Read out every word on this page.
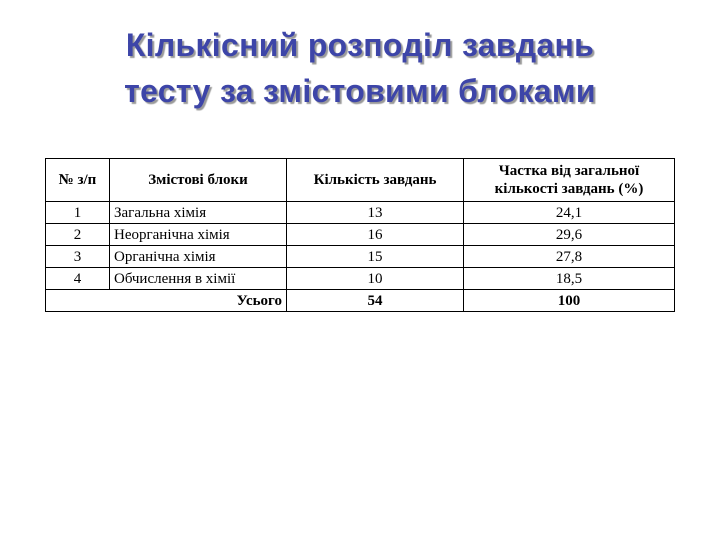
Кількісний розподіл завдань
тесту за змістовими блоками
№ з/п	Змістові блоки	Кількість завдань	Частка від загальної кількості завдань (%)
1	Загальна хімія	13	24,1
2	Неорганічна хімія	16	29,6
3	Органічна хімія	15	27,8
4	Обчислення в хімії	10	18,5
Усього		54	100
